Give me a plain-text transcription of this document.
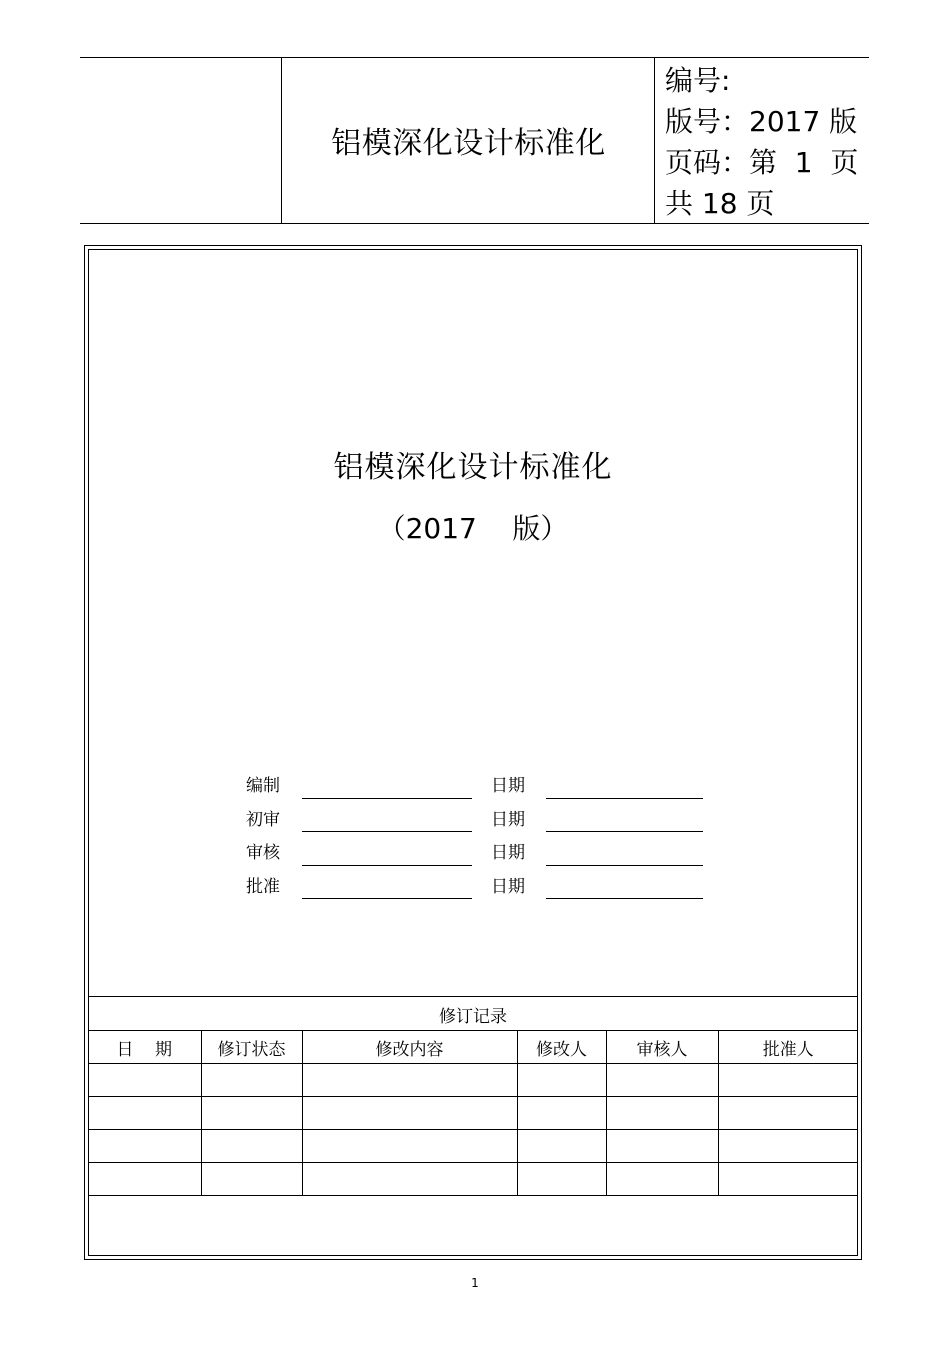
铝模深化设计标准化
编号:
版号：2017 版
页码：第  1  页
共 18 页
铝模深化设计标准化
（2017    版）
编制	日期
初审	日期
审核	日期
批准	日期
修订记录
日    期	修订状态	修改内容	修改人	审核人	批准人

1
